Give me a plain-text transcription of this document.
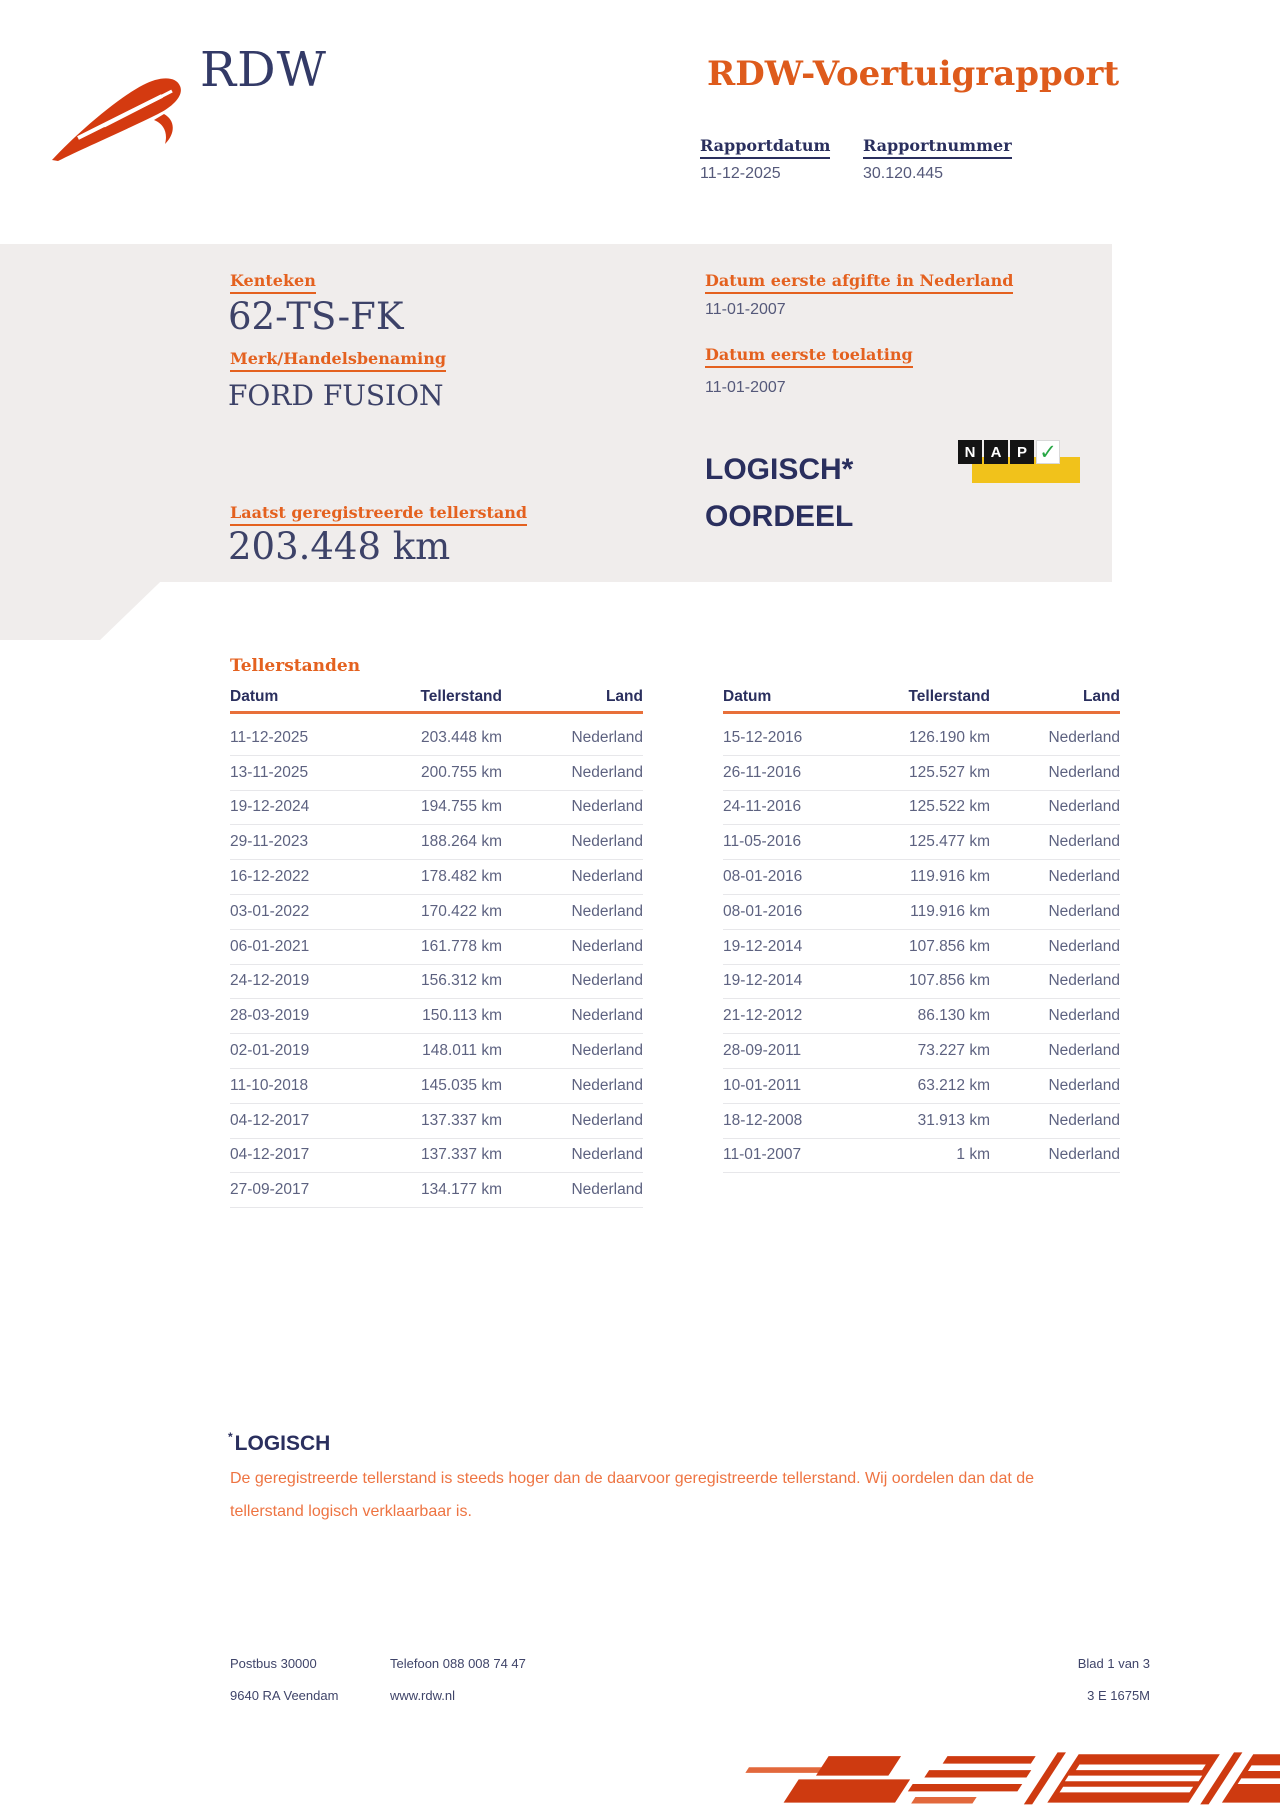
RDW	RDW-Voertuigrapport
Rapportdatum Rapportnummer
11-12-2025	30.120.445
Kenteken
62-TS-FK
Merk/Handelsbenaming
FORD FUSION
Datum eerste afgifte in Nederland
11-01-2007
Datum eerste toelating
11-01-2007
LOGISCH*
OORDEEL
N	A	P ✓
Laatst geregistreerde tellerstand
203.448 km
Tellerstanden
Datum	Tellerstand	Land
11-12-2025	203.448 km	Nederland
13-11-2025	200.755 km	Nederland
19-12-2024	194.755 km	Nederland
29-11-2023	188.264 km	Nederland
16-12-2022	178.482 km	Nederland
03-01-2022	170.422 km	Nederland
06-01-2021	161.778 km	Nederland
24-12-2019	156.312 km	Nederland
28-03-2019	150.113 km	Nederland
02-01-2019	148.011 km	Nederland
11-10-2018	145.035 km	Nederland
04-12-2017	137.337 km	Nederland
04-12-2017	137.337 km	Nederland
27-09-2017	134.177 km	Nederland
Datum	Tellerstand	Land
15-12-2016	126.190 km	Nederland
26-11-2016	125.527 km	Nederland
24-11-2016	125.522 km	Nederland
11-05-2016	125.477 km	Nederland
08-01-2016	119.916 km	Nederland
08-01-2016	119.916 km	Nederland
19-12-2014	107.856 km	Nederland
19-12-2014	107.856 km	Nederland
21-12-2012	86.130 km	Nederland
28-09-2011	73.227 km	Nederland
10-01-2011	63.212 km	Nederland
18-12-2008	31.913 km	Nederland
11-01-2007	1 km	Nederland
*LOGISCH
De geregistreerde tellerstand is steeds hoger dan de daarvoor geregistreerde tellerstand. Wij oordelen dan dat de tellerstand logisch verklaarbaar is.
Postbus 30000
9640 RA Veendam
Telefoon 088 008 74 47
www.rdw.nl
Blad 1 van 3
3 E 1675M
